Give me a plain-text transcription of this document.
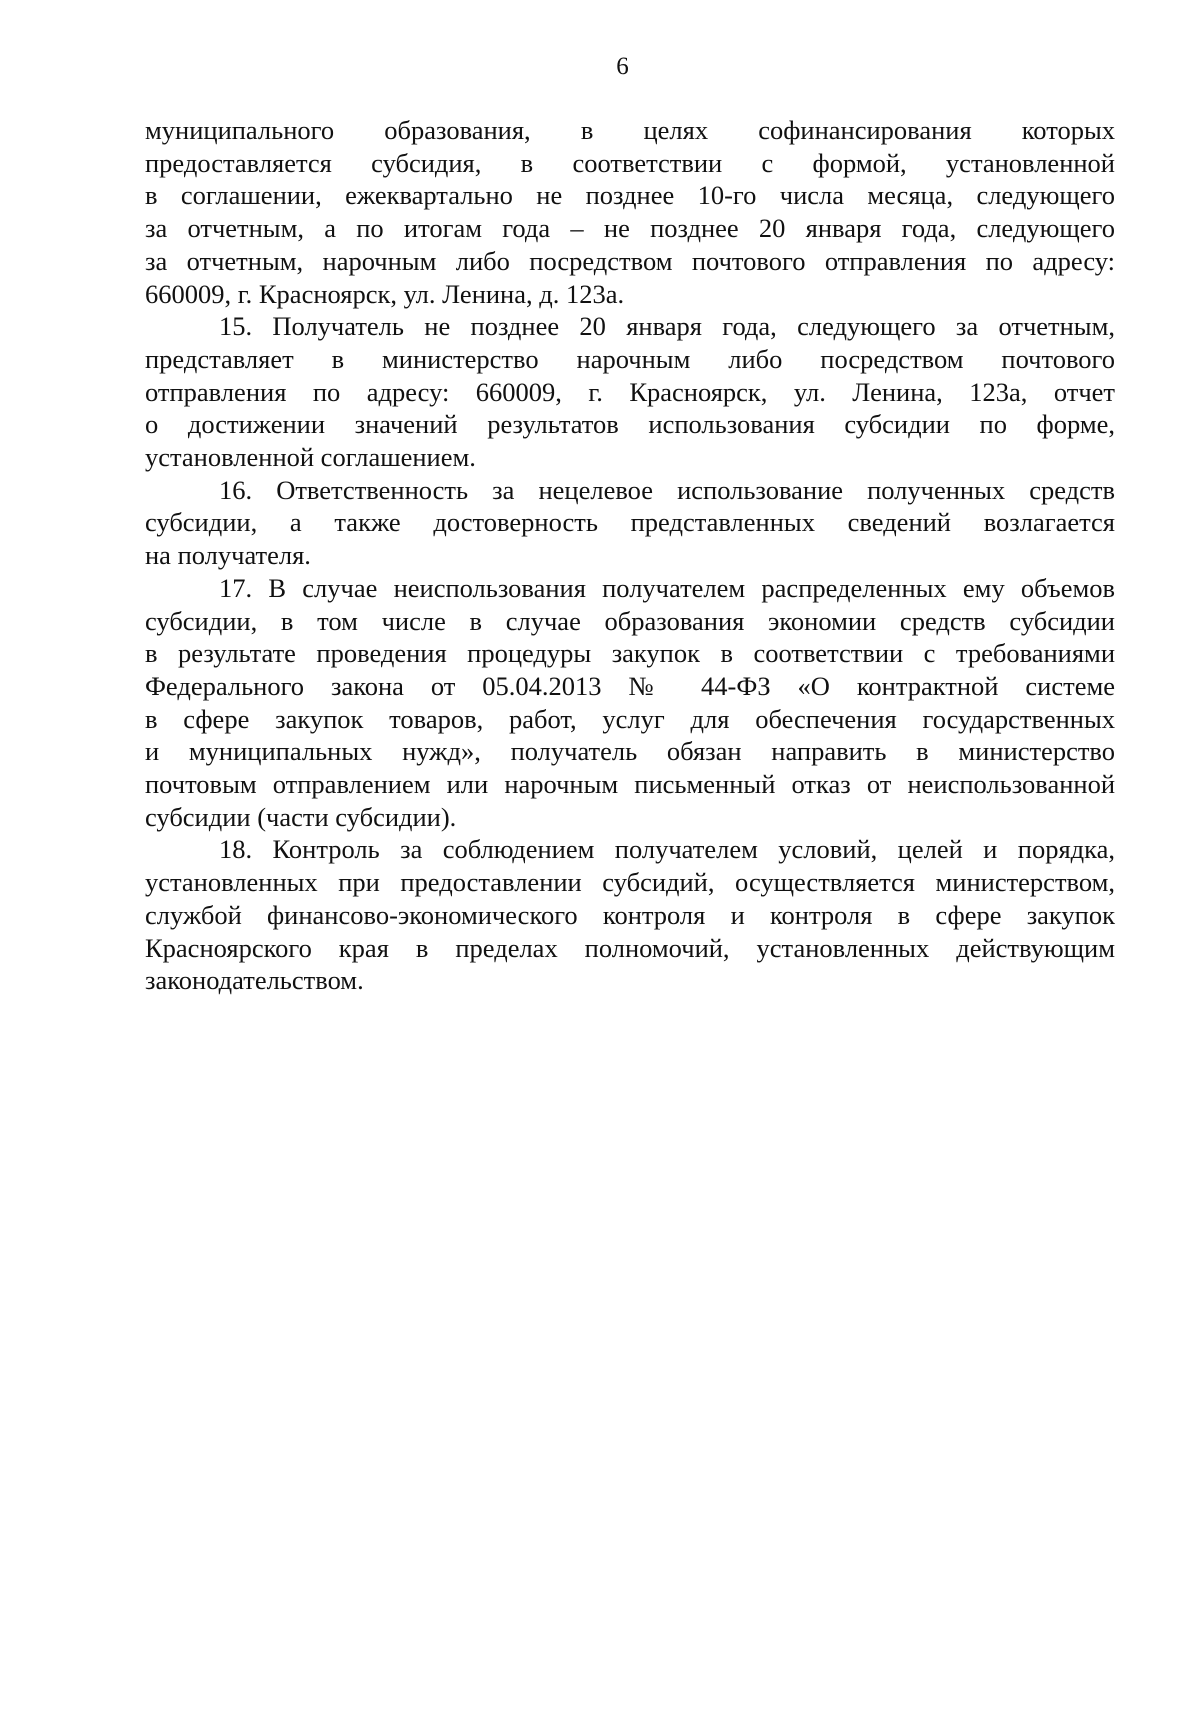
6

муниципального образования, в целях софинансирования которых
предоставляется субсидия, в соответствии с формой, установленной
в соглашении, ежеквартально не позднее 10-го числа месяца, следующего
за отчетным, а по итогам года – не позднее 20 января года, следующего
за отчетным, нарочным либо посредством почтового отправления по адресу:
660009, г. Красноярск, ул. Ленина, д. 123а.

15. Получатель не позднее 20 января года, следующего за отчетным,
представляет в министерство нарочным либо посредством почтового
отправления по адресу: 660009, г. Красноярск, ул. Ленина, 123а, отчет
о достижении значений результатов использования субсидии по форме,
установленной соглашением.

16. Ответственность за нецелевое использование полученных средств
субсидии, а также достоверность представленных сведений возлагается
на получателя.

17. В случае неиспользования получателем распределенных ему объемов
субсидии, в том числе в случае образования экономии средств субсидии
в результате проведения процедуры закупок в соответствии с требованиями
Федерального закона от 05.04.2013 № 44-ФЗ «О контрактной системе
в сфере закупок товаров, работ, услуг для обеспечения государственных
и муниципальных нужд», получатель обязан направить в министерство
почтовым отправлением или нарочным письменный отказ от неиспользованной
субсидии (части субсидии).

18. Контроль за соблюдением получателем условий, целей и порядка,
установленных при предоставлении субсидий, осуществляется министерством,
службой финансово-экономического контроля и контроля в сфере закупок
Красноярского края в пределах полномочий, установленных действующим
законодательством.
